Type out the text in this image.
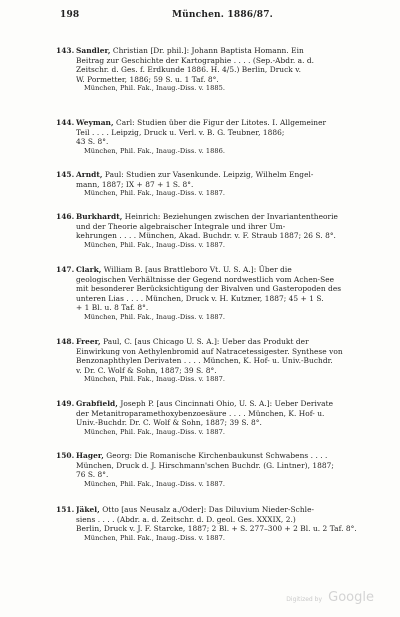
198	München. 1886/87.
143. Sandler, Christian [Dr. phil.]: Johann Baptista Homann. Ein
Beitrag zur Geschichte der Kartographie . . . . (Sep.-Abdr. a. d.
Zeitschr. d. Ges. f. Erdkunde 1886. H. 4/5.) Berlin, Druck v.
W. Pormetter, 1886; 59 S. u. 1 Taf. 8°.
München, Phil. Fak., Inaug.-Diss. v. 1885.
144. Weyman, Carl: Studien über die Figur der Litotes. I. Allgemeiner
Teil . . . . Leipzig, Druck u. Verl. v. B. G. Teubner, 1886;
43 S. 8°.
München, Phil. Fak., Inaug.-Diss. v. 1886.
145. Arndt, Paul: Studien zur Vasenkunde. Leipzig, Wilhelm Engel-
mann, 1887; IX + 87 + 1 S. 8°.
München, Phil. Fak., Inaug.-Diss. v. 1887.
146. Burkhardt, Heinrich: Beziehungen zwischen der Invariantentheorie
und der Theorie algebraischer Integrale und ihrer Um-
kehrungen . . . . München, Akad. Buchdr. v. F. Straub 1887; 26 S. 8°.
München, Phil. Fak., Inaug.-Diss. v. 1887.
147. Clark, William B. [aus Brattleboro Vt. U. S. A.]: Über die
geologischen Verhältnisse der Gegend nordwestlich vom Achen-See
mit besonderer Berücksichtigung der Bivalven und Gasteropoden des
unteren Lias . . . . München, Druck v. H. Kutzner, 1887; 45 + 1 S.
+ 1 Bl. u. 8 Taf. 8°.
München, Phil. Fak., Inaug.-Diss. v. 1887.
148. Freer, Paul, C. [aus Chicago U. S. A.]: Ueber das Produkt der
Einwirkung von Aethylenbromid auf Natracetessigester. Synthese von
Benzonaphthylen Derivaten . . . . München, K. Hof- u. Univ.-Buchdr.
v. Dr. C. Wolf & Sohn, 1887; 39 S. 8°.
München, Phil. Fak., Inaug.-Diss. v. 1887.
149. Grabfield, Joseph P. [aus Cincinnati Ohio, U. S. A.]: Ueber Derivate
der Metanitroparamethoxybenzoesäure . . . . München, K. Hof- u.
Univ.-Buchdr. Dr. C. Wolf & Sohn, 1887; 39 S. 8°.
München, Phil. Fak., Inaug.-Diss. v. 1887.
150. Hager, Georg: Die Romanische Kirchenbaukunst Schwabens . . . .
München, Druck d. J. Hirschmann'schen Buchdr. (G. Lintner), 1887;
76 S. 8°.
München, Phil. Fak., Inaug.-Diss. v. 1887.
151. Jäkel, Otto [aus Neusalz a./Oder]: Das Diluvium Nieder-Schle-
siens . . . . (Abdr. a. d. Zeitschr. d. D. geol. Ges. XXXIX, 2.)
Berlin, Druck v. J. F. Starcke, 1887; 2 Bl. + S. 277–300 + 2 Bl. u. 2 Taf. 8°.
München, Phil. Fak., Inaug.-Diss. v. 1887.
Digitized by Google
